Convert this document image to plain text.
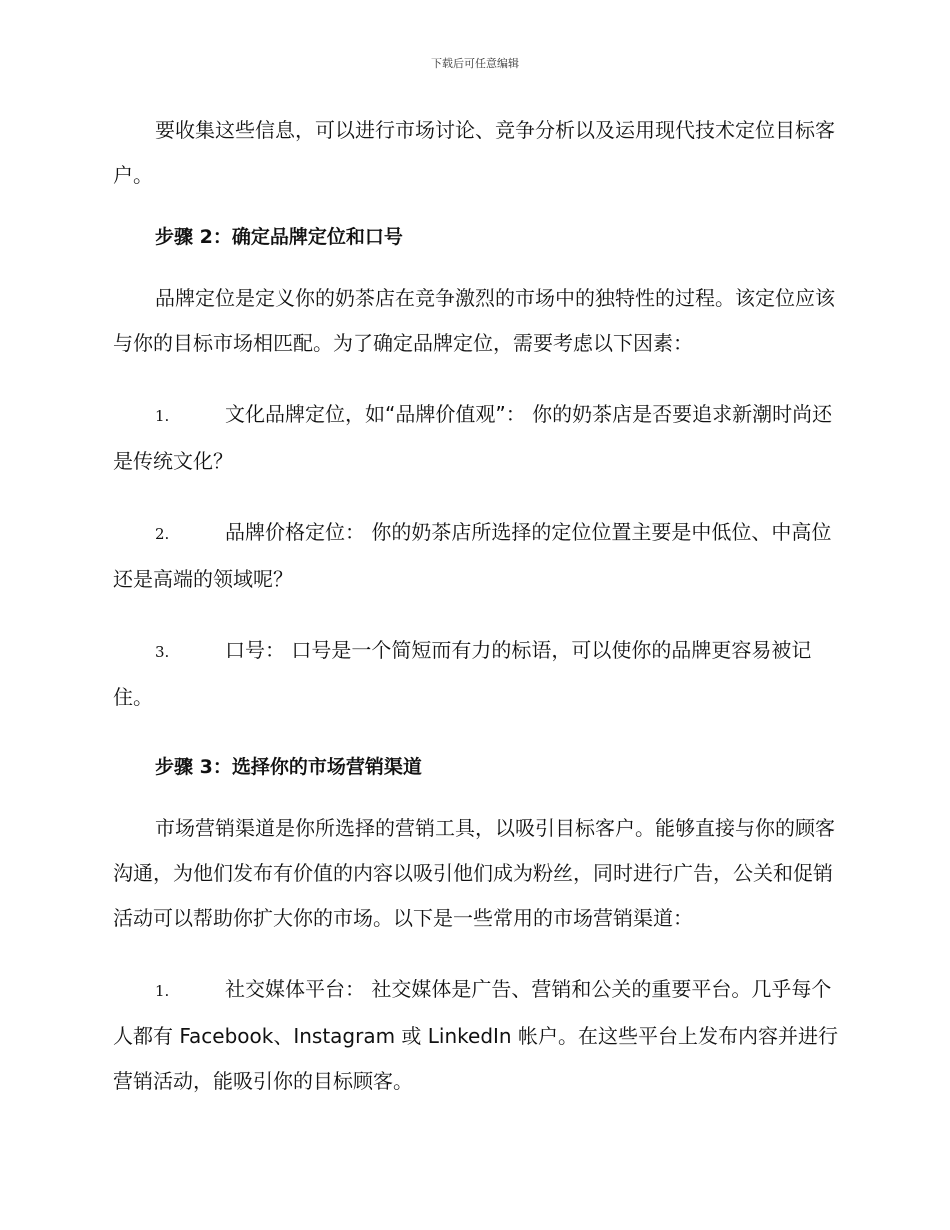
下载后可任意编辑

要收集这些信息，可以进行市场讨论、竞争分析以及运用现代技术定位目标客户。

步骤 2：确定品牌定位和口号

品牌定位是定义你的奶茶店在竞争激烈的市场中的独特性的过程。该定位应该与你的目标市场相匹配。为了确定品牌定位，需要考虑以下因素：

1.	文化品牌定位，如“品牌价值观”： 你的奶茶店是否要追求新潮时尚还是传统文化？
2.	品牌价格定位： 你的奶茶店所选择的定位位置主要是中低位、中高位还是高端的领域呢？
3.	口号： 口号是一个简短而有力的标语，可以使你的品牌更容易被记住。
步骤 3：选择你的市场营销渠道

市场营销渠道是你所选择的营销工具，以吸引目标客户。能够直接与你的顾客沟通，为他们发布有价值的内容以吸引他们成为粉丝，同时进行广告，公关和促销活动可以帮助你扩大你的市场。以下是一些常用的市场营销渠道：

1.	社交媒体平台： 社交媒体是广告、营销和公关的重要平台。几乎每个人都有 Facebook、Instagram 或 LinkedIn 帐户。在这些平台上发布内容并进行营销活动，能吸引你的目标顾客。
